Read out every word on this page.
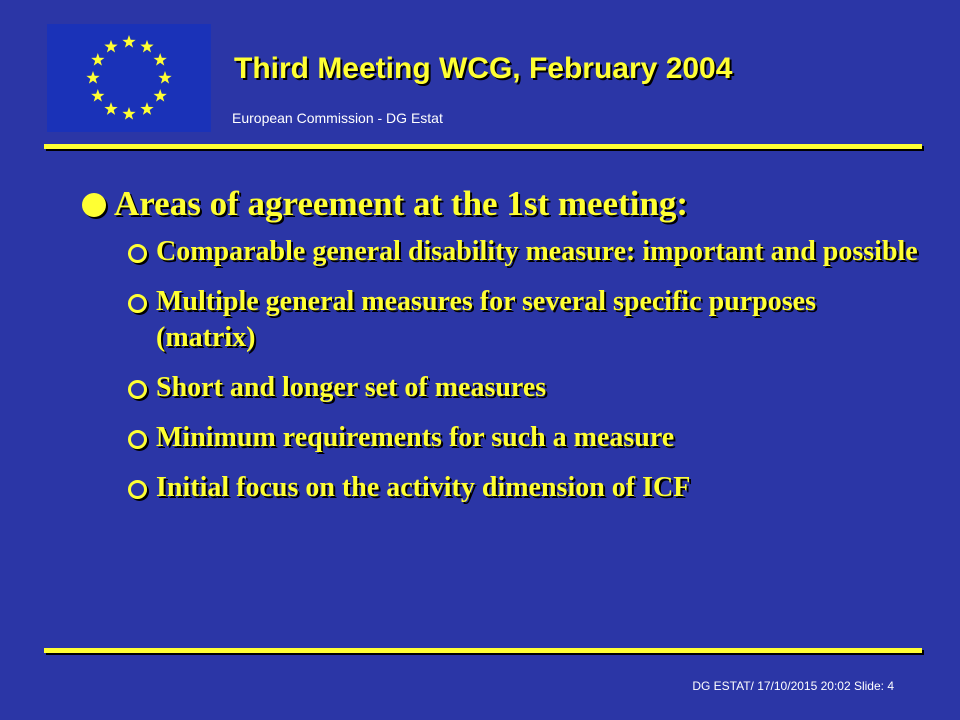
Third Meeting WCG, February 2004
European Commission - DG Estat
Areas of agreement at the 1st meeting:
Comparable general disability measure: important and possible
Multiple general measures for several specific purposes (matrix)
Short and longer set of measures
Minimum requirements for such a measure
Initial focus on the activity dimension of ICF
DG ESTAT/ 17/10/2015 20:02 Slide: 4
